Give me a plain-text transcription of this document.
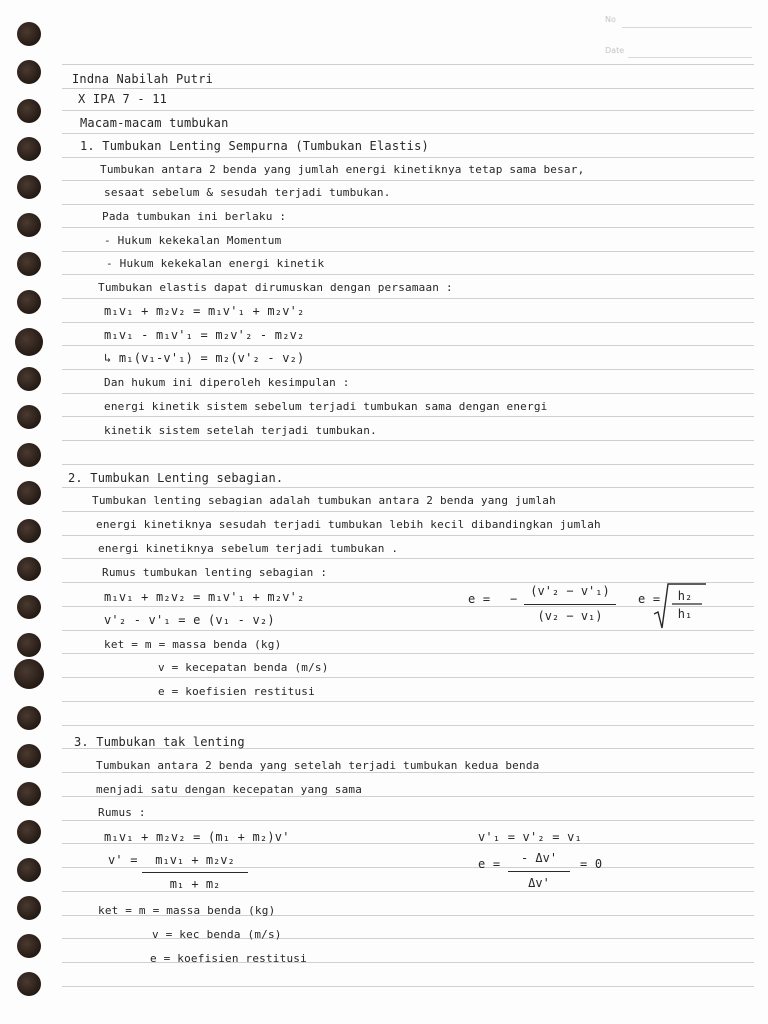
No
Date
Indna Nabilah Putri
X IPA 7 - 11
Macam-macam tumbukan
1. Tumbukan Lenting Sempurna (Tumbukan Elastis)
Tumbukan antara 2 benda yang jumlah energi kinetiknya tetap sama besar,
sesaat sebelum & sesudah terjadi tumbukan.
Pada tumbukan ini berlaku :
- Hukum kekekalan Momentum
- Hukum kekekalan energi kinetik
Tumbukan elastis dapat dirumuskan dengan persamaan :
m₁v₁ + m₂v₂ = m₁v'₁ + m₂v'₂
m₁v₁ - m₁v'₁ = m₂v'₂ - m₂v₂
↳ m₁(v₁-v'₁) = m₂(v'₂ - v₂)
Dan hukum ini diperoleh kesimpulan :
energi kinetik sistem sebelum terjadi tumbukan sama dengan energi
kinetik sistem setelah terjadi tumbukan.
2. Tumbukan Lenting sebagian.
Tumbukan lenting sebagian adalah tumbukan antara 2 benda yang jumlah
energi kinetiknya sesudah terjadi tumbukan lebih kecil dibandingkan jumlah
energi kinetiknya sebelum terjadi tumbukan .
Rumus tumbukan lenting sebagian :
m₁v₁ + m₂v₂ = m₁v'₁ + m₂v'₂
v'₂ - v'₁ = e (v₁ - v₂)
e = −
(v'₂ − v'₁)
(v₂ − v₁)
e =	h₂
h₁
ket = m = massa benda (kg)
v = kecepatan benda (m/s)
e = koefisien restitusi
3. Tumbukan tak lenting
Tumbukan antara 2 benda yang setelah terjadi tumbukan kedua benda
menjadi satu dengan kecepatan yang sama
Rumus :
m₁v₁ + m₂v₂ = (m₁ + m₂)v'
v' =	m₁v₁ + m₂v₂
m₁ + m₂
v'₁ = v'₂ = v₁
e =	- Δv'
Δv'
= 0
ket = m = massa benda (kg)
v = kec benda (m/s)
e = koefisien restitusi
